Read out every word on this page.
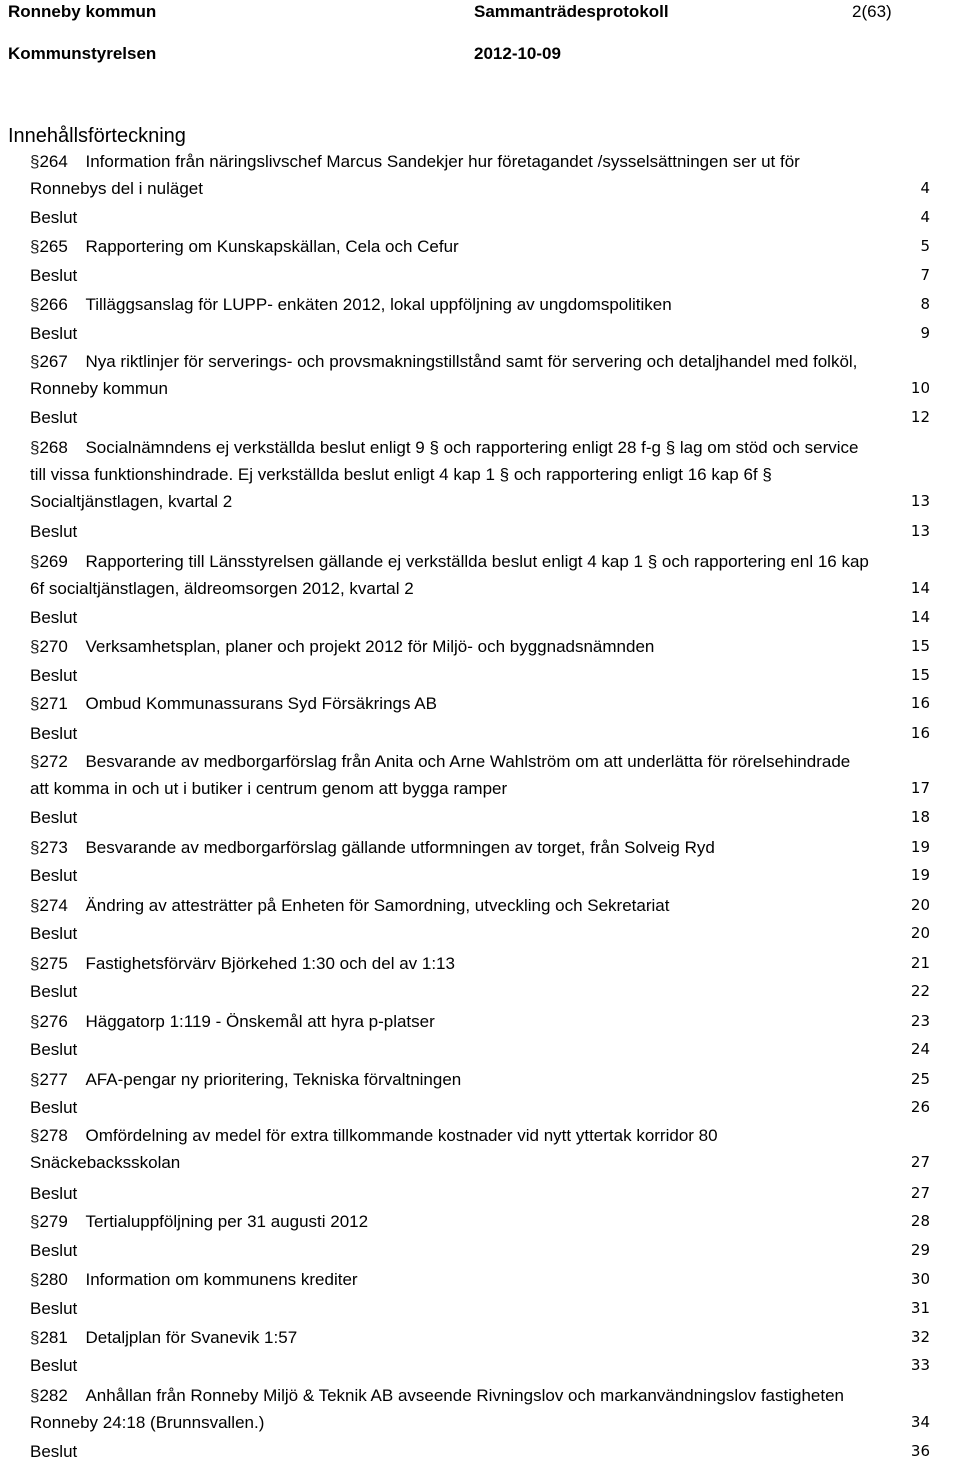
Ronneby kommun	Sammanträdesprotokoll	2(63)
Kommunstyrelsen	2012-10-09
Innehållsförteckning
§264 Information från näringslivschef Marcus Sandekjer hur företagandet /sysselsättningen ser ut för Ronnebys del i nuläget	4
Beslut	4
§265 Rapportering om Kunskapskällan, Cela och Cefur	5
Beslut	7
§266 Tilläggsanslag för LUPP- enkäten 2012, lokal uppföljning av ungdomspolitiken	8
Beslut	9
§267 Nya riktlinjer för serverings- och provsmakningstillstånd samt för servering och detaljhandel med folköl, Ronneby kommun	10
Beslut	12
§268 Socialnämndens ej verkställda beslut enligt 9 § och rapportering enligt 28 f-g § lag om stöd och service till vissa funktionshindrade. Ej verkställda beslut enligt 4 kap 1 § och rapportering enligt 16 kap 6f § Socialtjänstlagen, kvartal 2	13
Beslut	13
§269 Rapportering till Länsstyrelsen gällande ej verkställda beslut enligt 4 kap 1 § och rapportering enl 16 kap 6f socialtjänstlagen, äldreomsorgen 2012, kvartal 2	14
Beslut	14
§270 Verksamhetsplan, planer och projekt 2012 för Miljö- och byggnadsnämnden	15
Beslut	15
§271 Ombud Kommunassurans Syd Försäkrings AB	16
Beslut	16
§272 Besvarande av medborgarförslag från Anita och Arne Wahlström om att underlätta för rörelsehindrade att komma in och ut i butiker i centrum genom att bygga ramper	17
Beslut	18
§273 Besvarande av medborgarförslag gällande utformningen av torget, från Solveig Ryd	19
Beslut	19
§274 Ändring av attesträtter på Enheten för Samordning, utveckling och Sekretariat	20
Beslut	20
§275 Fastighetsförvärv Björkehed 1:30 och del av 1:13	21
Beslut	22
§276 Häggatorp 1:119 - Önskemål att hyra p-platser	23
Beslut	24
§277 AFA-pengar ny prioritering, Tekniska förvaltningen	25
Beslut	26
§278 Omfördelning av medel för extra tillkommande kostnader vid nytt yttertak korridor 80 Snäckebacksskolan	27
Beslut	27
§279 Tertialuppföljning per 31 augusti 2012	28
Beslut	29
§280 Information om kommunens krediter	30
Beslut	31
§281 Detaljplan för Svanevik 1:57	32
Beslut	33
§282 Anhållan från Ronneby Miljö & Teknik AB avseende Rivningslov och markanvändningslov fastigheten Ronneby 24:18 (Brunnsvallen.)	34
Beslut	36
